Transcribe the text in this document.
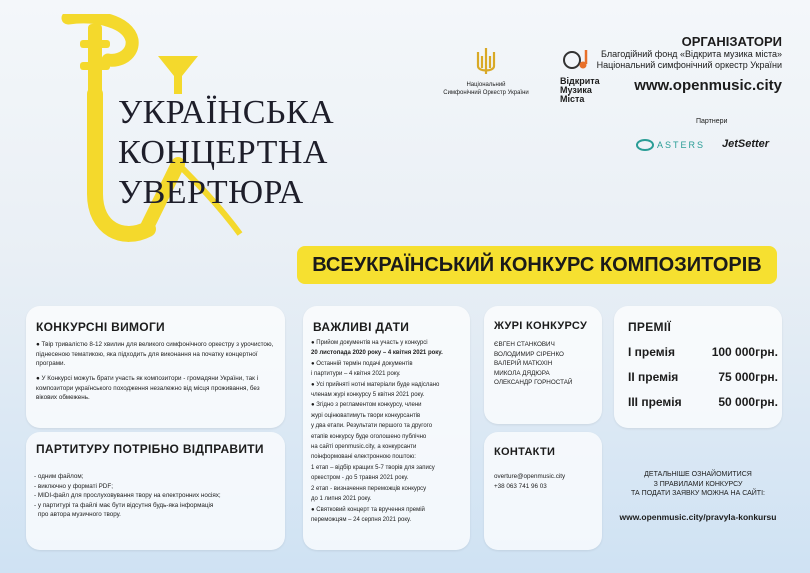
УКРАЇНСЬКА
КОНЦЕРТНА
УВЕРТЮРА
Національний
Симфонічний Оркестр України
Відкрита
Музика
Міста
ОРГАНІЗАТОРИ
Благодійний фонд «Відкрита музика міста»
Національний симфонічний оркестр України
www.openmusic.city
Партнери
ASTERS JetSetter
ВСЕУКРАЇНСЬКИЙ КОНКУРС КОМПОЗИТОРІВ
КОНКУРСНІ ВИМОГИ
● Твір тривалістю 8-12 хвилин для великого симфонічного оркестру з урочистою, піднесеною тематикою, яка підходить для виконання на початку концертної програми.
● У Конкурсі можуть брати участь як композитори - громадяни України, так і композитори українського походження незалежно від місця проживання, без вікових обмежень.
ПАРТИТУРУ ПОТРІБНО ВІДПРАВИТИ
- одним файлом;
- виключно у форматі PDF;
- MIDI-файл для прослуховування твору на електронних носіях;
- у партитурі та файлі має бути відсутня будь-яка інформація
про автора музичного твору.
ВАЖЛИВІ ДАТИ
● Прийом документів на участь у конкурсі
20 листопада 2020 року – 4 квітня 2021 року.
● Останній термін подачі документів
і партитури – 4 квітня 2021 року.
● Усі прийняті нотні матеріали буде надіслано
членам журі конкурсу 5 квітня 2021 року.
● Згідно з регламентом конкурсу, члени
журі оцінюватимуть твори конкурсантів
у два етапи. Результати першого та другого
етапів конкурсу буде оголошено публічно
на сайті openmusic.city, а конкурсанти
поінформовані електронною поштою:
1 етап – відбір кращих 5-7 творів для запису
оркестром - до 5 травня 2021 року.
2 етап - визначення переможців конкурсу
до 1 липня 2021 року.
● Святковий концерт та вручення премій
переможцям – 24 серпня 2021 року.
ЖУРІ КОНКУРСУ
ЄВГЕН СТАНКОВИЧ
ВОЛОДИМИР СІРЕНКО
ВАЛЕРІЙ МАТЮХІН
МИКОЛА ДЯДЮРА
ОЛЕКСАНДР ГОРНОСТАЙ
КОНТАКТИ
overture@openmusic.city
+38 063 741 96 03
ПРЕМІЇ
І премія	100 000грн.
ІІ премія	75 000грн.
ІІІ премія	50 000грн.
ДЕТАЛЬНІШЕ ОЗНАЙОМИТИСЯ
З ПРАВИЛАМИ КОНКУРСУ
ТА ПОДАТИ ЗАЯВКУ МОЖНА НА САЙТІ:
www.openmusic.city/pravyla-konkursu
